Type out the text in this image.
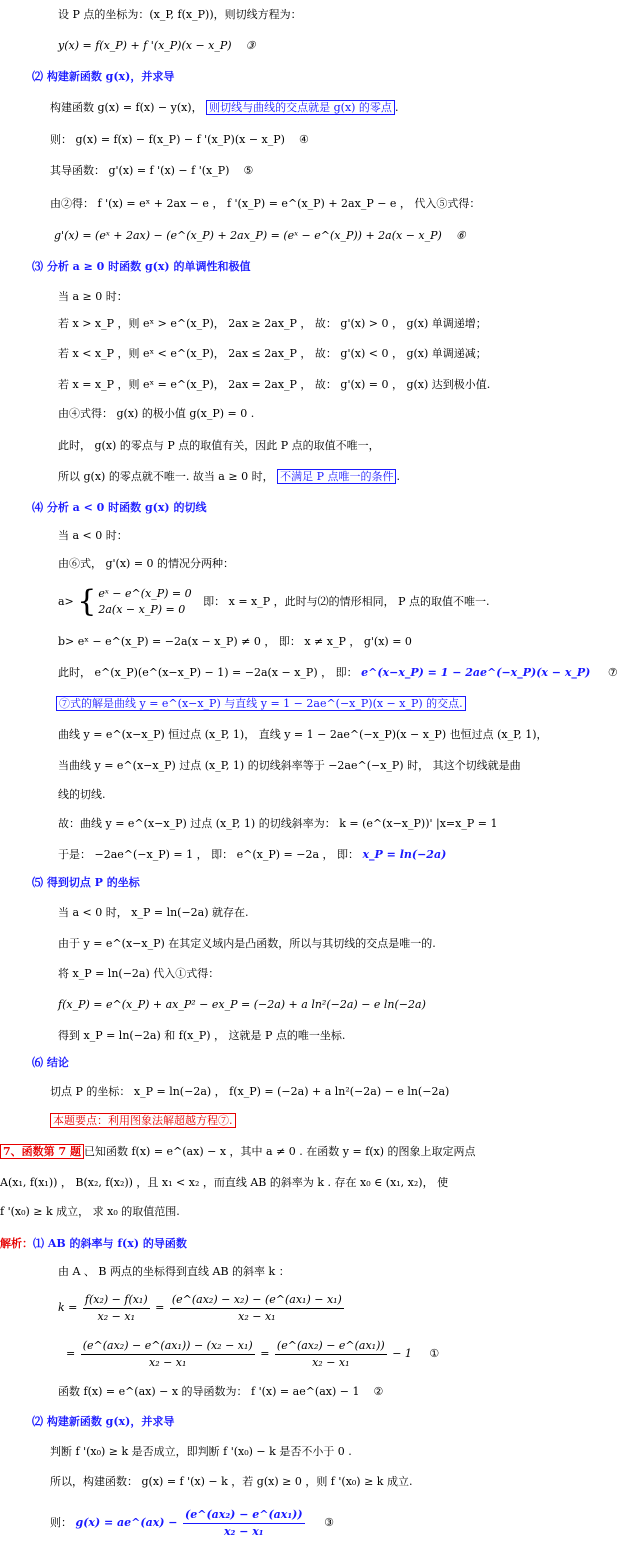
设 P 点的坐标为：(x_P, f(x_P))，则切线方程为：
y(x) = f(x_P) + f '(x_P)(x − x_P) ③
⑵ 构建新函数 g(x)，并求导
构建函数 g(x) = f(x) − y(x)， 则切线与曲线的交点就是 g(x) 的零点 .
则： g(x) = f(x) − f(x_P) − f '(x_P)(x − x_P) ④
其导函数： g'(x) = f '(x) − f '(x_P) ⑤
由②得： f '(x) = eˣ + 2ax − e ， f '(x_P) = e^(x_P) + 2ax_P − e ， 代入⑤式得：
g'(x) = (eˣ + 2ax) − (e^(x_P) + 2ax_P) = (eˣ − e^(x_P)) + 2a(x − x_P) ⑥
⑶ 分析 a ≥ 0 时函数 g(x) 的单调性和极值
当 a ≥ 0 时：
若 x > x_P ，则 eˣ > e^(x_P)， 2ax ≥ 2ax_P ， 故： g'(x) > 0 ， g(x) 单调递增；
若 x < x_P ，则 eˣ < e^(x_P)， 2ax ≤ 2ax_P ， 故： g'(x) < 0 ， g(x) 单调递减；
若 x = x_P ，则 eˣ = e^(x_P)， 2ax = 2ax_P ， 故： g'(x) = 0 ， g(x) 达到极小值.
由④式得： g(x) 的极小值 g(x_P) = 0 .
此时， g(x) 的零点与 P 点的取值有关，因此 P 点的取值不唯一，
所以 g(x) 的零点就不唯一. 故当 a ≥ 0 时， 不满足 P 点唯一的条件 .
⑷ 分析 a < 0 时函数 g(x) 的切线
当 a < 0 时：
由⑥式， g'(x) = 0 的情况分两种：
a> { eˣ − e^(x_P) = 0
2a(x − x_P) = 0
即： x = x_P ，此时与⑵的情形相同， P 点的取值不唯一.
b> eˣ − e^(x_P) = −2a(x − x_P) ≠ 0 ， 即： x ≠ x_P ， g'(x) = 0
此时， e^(x_P)(e^(x−x_P) − 1) = −2a(x − x_P) ， 即： e^(x−x_P) = 1 − 2ae^(−x_P)(x − x_P) ⑦
⑦式的解是曲线 y = e^(x−x_P) 与直线 y = 1 − 2ae^(−x_P)(x − x_P) 的交点.
曲线 y = e^(x−x_P) 恒过点 (x_P, 1)， 直线 y = 1 − 2ae^(−x_P)(x − x_P) 也恒过点 (x_P, 1)，
当曲线 y = e^(x−x_P) 过点 (x_P, 1) 的切线斜率等于 −2ae^(−x_P) 时， 其这个切线就是曲
线的切线.
故：曲线 y = e^(x−x_P) 过点 (x_P, 1) 的切线斜率为： k = (e^(x−x_P))' |x=x_P = 1
于是： −2ae^(−x_P) = 1 ， 即： e^(x_P) = −2a ， 即： x_P = ln(−2a)
⑸ 得到切点 P 的坐标
当 a < 0 时， x_P = ln(−2a) 就存在.
由于 y = e^(x−x_P) 在其定义域内是凸函数，所以与其切线的交点是唯一的.
将 x_P = ln(−2a) 代入①式得：
f(x_P) = e^(x_P) + ax_P² − ex_P = (−2a) + a ln²(−2a) − e ln(−2a)
得到 x_P = ln(−2a) 和 f(x_P) ， 这就是 P 点的唯一坐标.
⑹ 结论
切点 P 的坐标： x_P = ln(−2a) ， f(x_P) = (−2a) + a ln²(−2a) − e ln(−2a)
本题要点：利用图象法解超越方程⑦.
7、函数第 7 题 已知函数 f(x) = e^(ax) − x ，其中 a ≠ 0 . 在函数 y = f(x) 的图象上取定两点
A(x₁, f(x₁)) ， B(x₂, f(x₂)) ，且 x₁ < x₂ ，而直线 AB 的斜率为 k . 存在 x₀ ∈ (x₁, x₂)， 使
f '(x₀) ≥ k 成立， 求 x₀ 的取值范围.
解析：⑴ AB 的斜率与 f(x) 的导函数
由 A 、 B 两点的坐标得到直线 AB 的斜率 k ：
$k = \frac{\text{f(x₂) − f(x₁)}}{\text{x₂ − x₁}} = \frac{\text{(e\textasciicircum{}(ax₂) − x₂) − (e\textasciicircum{}(ax₁) − x₁)}}{\text{x₂ − x₁}}$
= $\frac{\text{(e\textasciicircum{}(ax₂) − e\textasciicircum{}(ax₁)) − (x₂ − x₁)}}{\text{x₂ − x₁}} = \frac{\text{(e\textasciicircum{}(ax₂) − e\textasciicircum{}(ax₁))}}{\text{x₂ − x₁}} - 1$ ①
函数 f(x) = e^(ax) − x 的导函数为： f '(x) = ae^(ax) − 1 ②
⑵ 构建新函数 g(x)，并求导
判断 f '(x₀) ≥ k 是否成立，即判断 f '(x₀) − k 是否不小于 0 .
所以，构建函数： g(x) = f '(x) − k ，若 g(x) ≥ 0 ，则 f '(x₀) ≥ k 成立.
则： g(x) = ae^(ax) − $\frac{\text{(e\textasciicircum{}(ax₂) − e\textasciicircum{}(ax₁))}}{\text{x₂ − x₁}}$ ③
